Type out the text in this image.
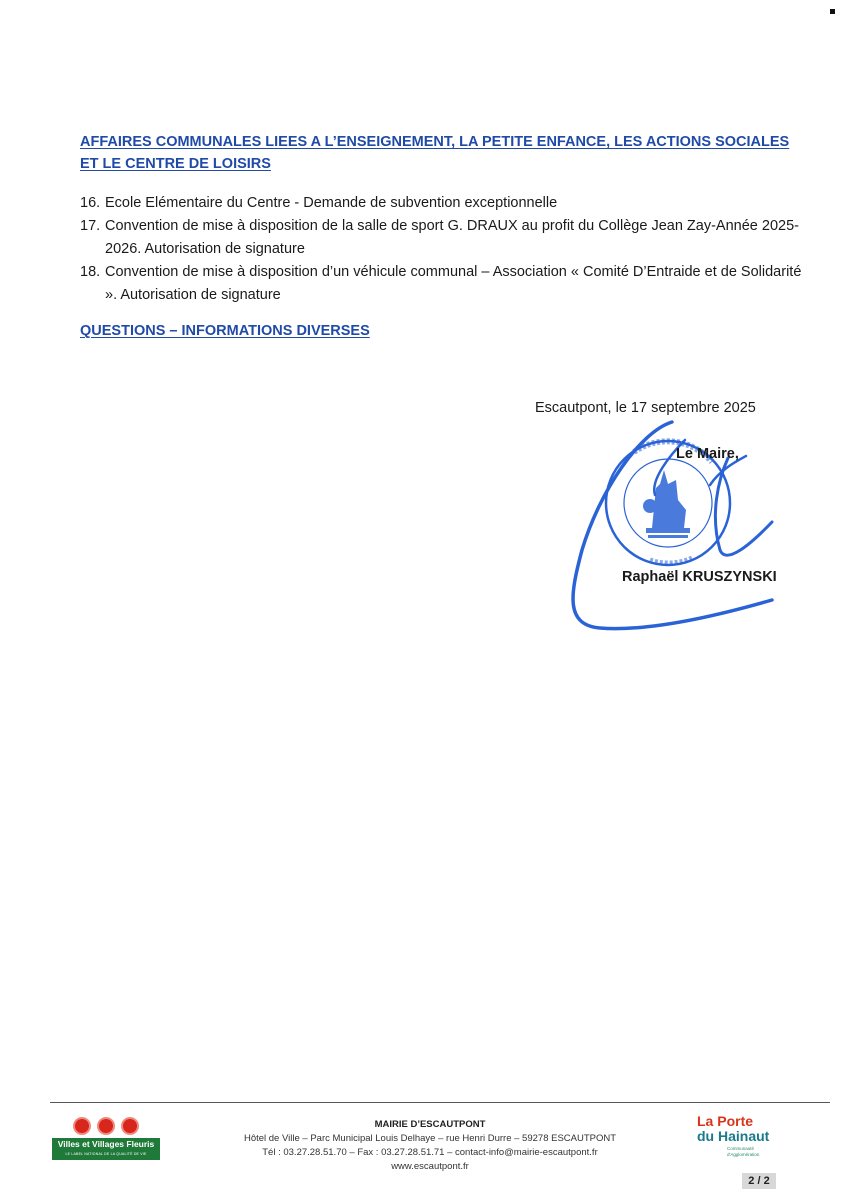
AFFAIRES COMMUNALES LIEES A L’ENSEIGNEMENT, LA PETITE ENFANCE, LES ACTIONS SOCIALES ET LE CENTRE DE LOISIRS
16. Ecole Elémentaire du Centre - Demande de subvention exceptionnelle
17. Convention de mise à disposition de la salle de sport G. DRAUX au profit du Collège Jean Zay-Année 2025-2026. Autorisation de signature
18. Convention de mise à disposition d’un véhicule communal – Association « Comité D’Entraide et de Solidarité ». Autorisation de signature
QUESTIONS – INFORMATIONS DIVERSES
Escautpont, le 17 septembre 2025
Le Maire,
Raphaël KRUSZYNSKI
Villes et Villages Fleuris
LE LABEL NATIONAL DE LA QUALITÉ DE VIE
MAIRIE D’ESCAUTPONT
Hôtel de Ville – Parc Municipal Louis Delhaye – rue Henri Durre – 59278 ESCAUTPONT
Tél : 03.27.28.51.70 – Fax : 03.27.28.51.71 – contact-info@mairie-escautpont.fr
www.escautpont.fr
La Porte
du Hainaut
Communauté d'Agglomération
2 / 2
